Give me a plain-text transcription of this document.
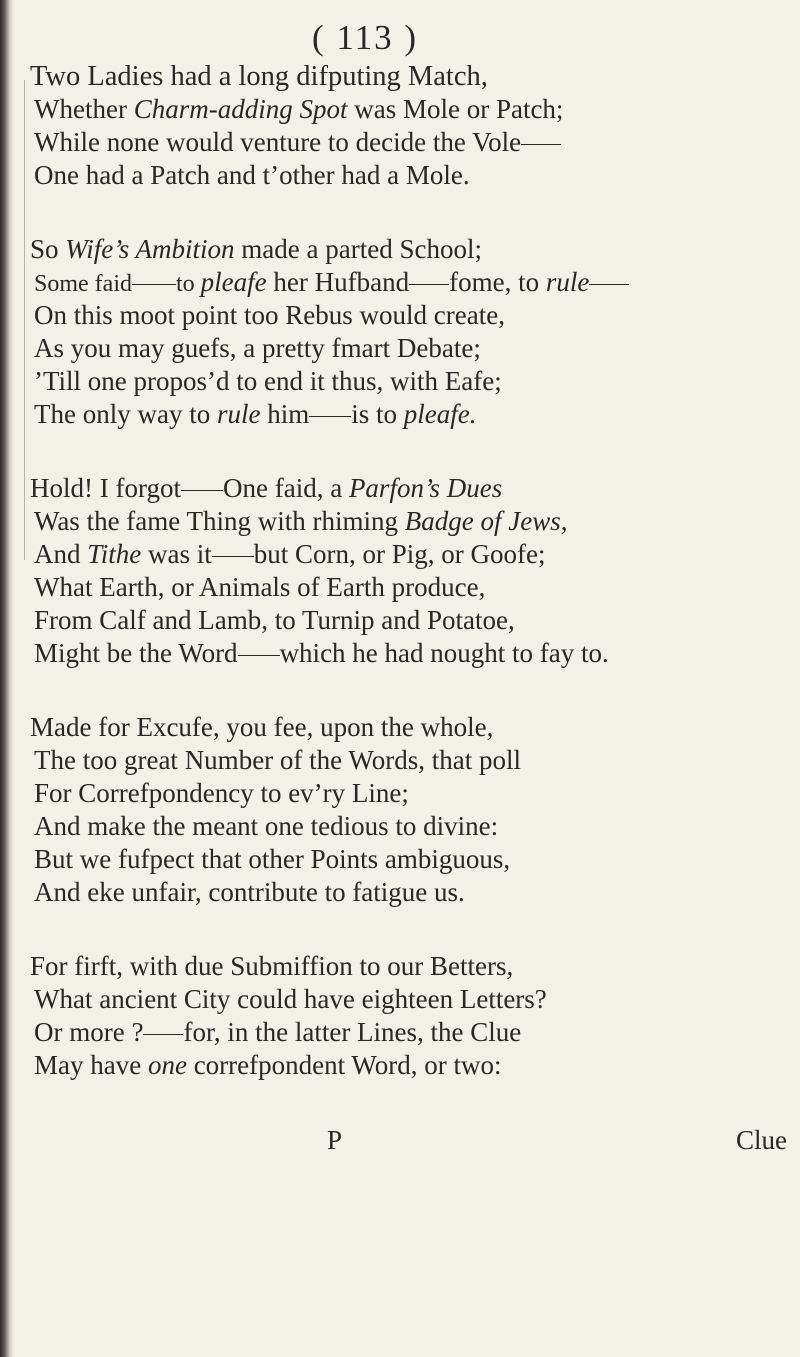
( 113 )
Two Ladies had a long difputing Match,
Whether Charm-adding Spot was Mole or Patch;
While none would venture to decide the Vole
One had a Patch and t’other had a Mole.
So Wife’s Ambition made a parted School;
Some faid to pleafe her Hufband fome, to rule
On this moot point too Rebus would create,
As you may guefs, a pretty fmart Debate;
’Till one propos’d to end it thus, with Eafe;
The only way to rule him is to pleafe.
Hold! I forgot One faid, a Parfon’s Dues
Was the fame Thing with rhiming Badge of Jews,
And Tithe was it but Corn, or Pig, or Goofe;
What Earth, or Animals of Earth produce,
From Calf and Lamb, to Turnip and Potatoe,
Might be the Word which he had nought to fay to.
Made for Excufe, you fee, upon the whole,
The too great Number of the Words, that poll
For Correfpondency to ev’ry Line;
And make the meant one tedious to divine:
But we fufpect that other Points ambiguous,
And eke unfair, contribute to fatigue us.
For firft, with due Submiffion to our Betters,
What ancient City could have eighteen Letters?
Or more ? for, in the latter Lines, the Clue
May have one correfpondent Word, or two:
P	Clue
